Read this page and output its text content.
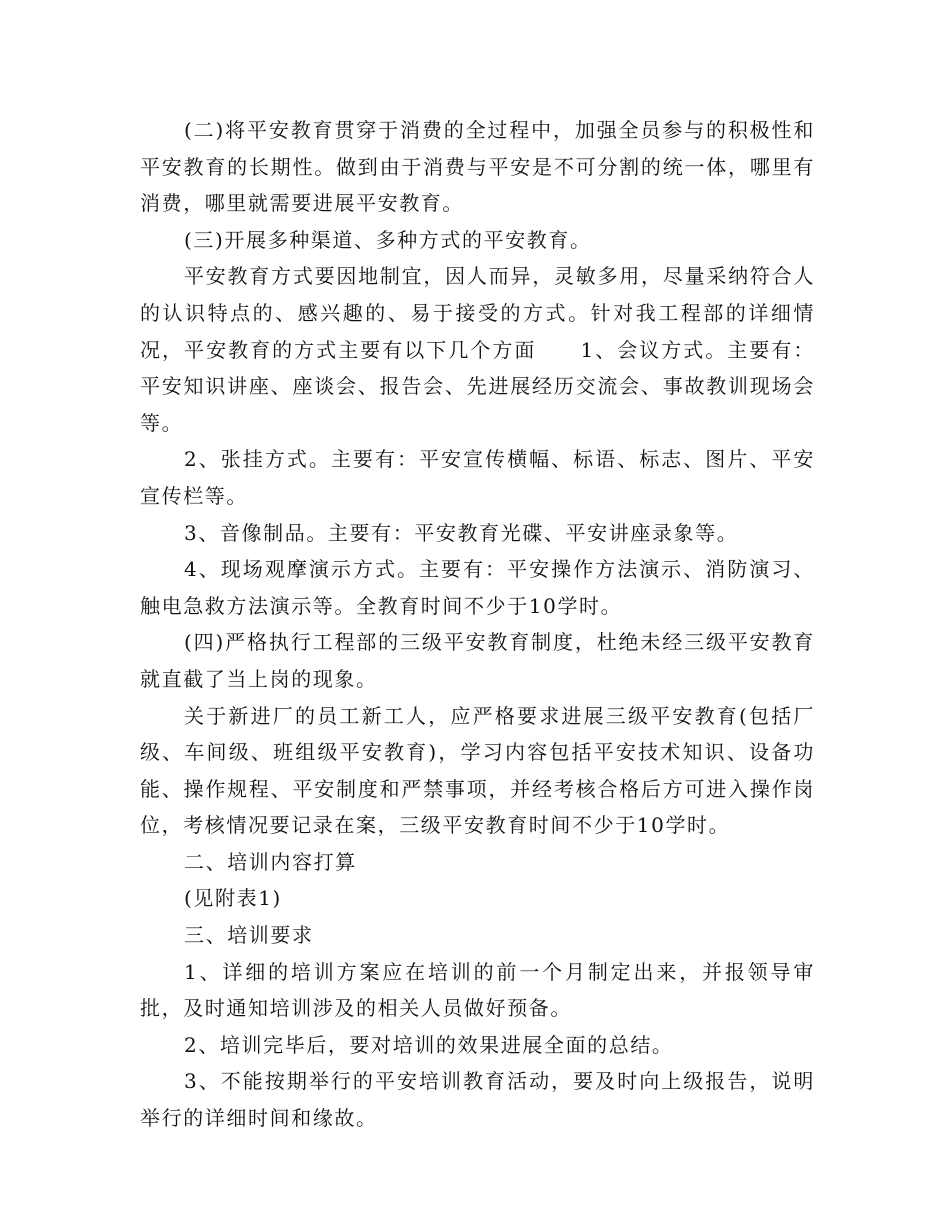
(二)将平安教育贯穿于消费的全过程中，加强全员参与的积极性和平安教育的长期性。做到由于消费与平安是不可分割的统一体，哪里有消费，哪里就需要进展平安教育。

(三)开展多种渠道、多种方式的平安教育。

平安教育方式要因地制宜，因人而异，灵敏多用，尽量采纳符合人的认识特点的、感兴趣的、易于接受的方式。针对我工程部的详细情况，平安教育的方式主要有以下几个方面　　1、会议方式。主要有：平安知识讲座、座谈会、报告会、先进展经历交流会、事故教训现场会等。

2、张挂方式。主要有：平安宣传横幅、标语、标志、图片、平安宣传栏等。

3、音像制品。主要有：平安教育光碟、平安讲座录象等。

4、现场观摩演示方式。主要有：平安操作方法演示、消防演习、触电急救方法演示等。全教育时间不少于10学时。

(四)严格执行工程部的三级平安教育制度，杜绝未经三级平安教育就直截了当上岗的现象。

关于新进厂的员工新工人，应严格要求进展三级平安教育(包括厂级、车间级、班组级平安教育)，学习内容包括平安技术知识、设备功能、操作规程、平安制度和严禁事项，并经考核合格后方可进入操作岗位，考核情况要记录在案，三级平安教育时间不少于10学时。

二、培训内容打算

(见附表1)

三、培训要求

1、详细的培训方案应在培训的前一个月制定出来，并报领导审批，及时通知培训涉及的相关人员做好预备。

2、培训完毕后，要对培训的效果进展全面的总结。

3、不能按期举行的平安培训教育活动，要及时向上级报告，说明举行的详细时间和缘故。
